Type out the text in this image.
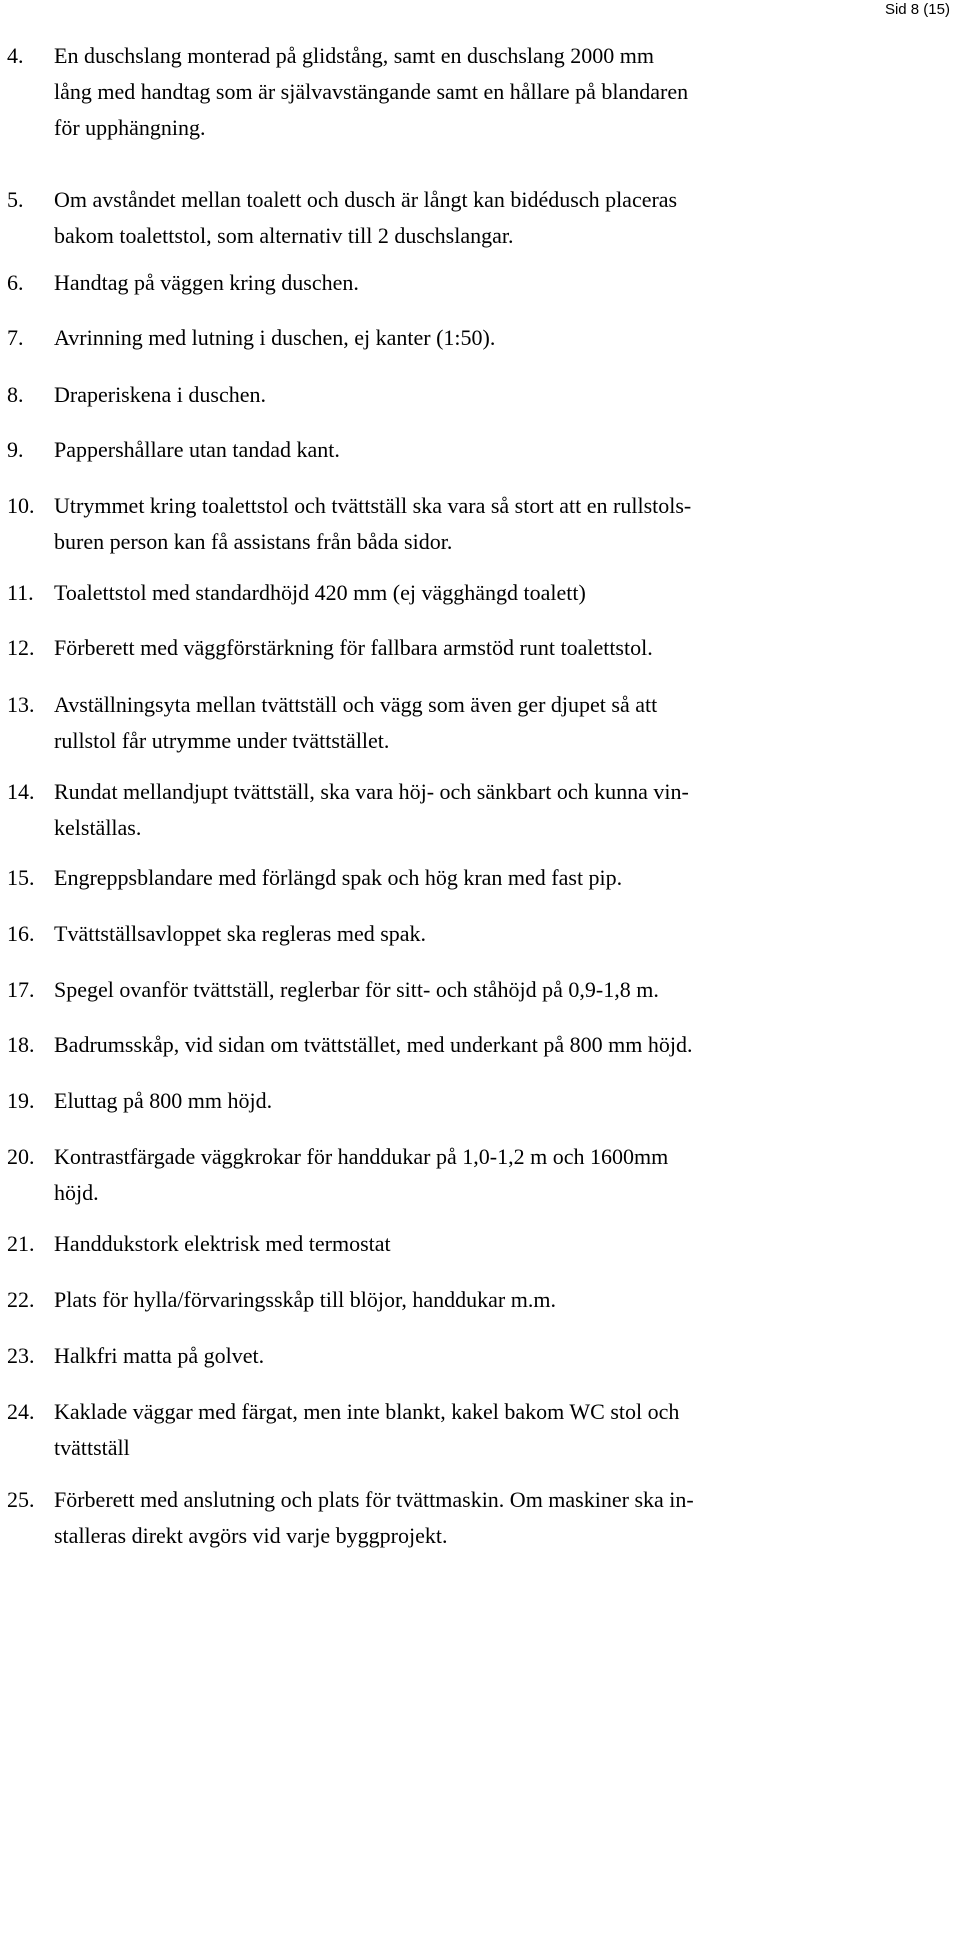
Sid 8 (15)
4. En duschslang monterad på glidstång, samt en duschslang 2000 mm
lång med handtag som är självavstängande samt en hållare på blandaren
för upphängning.
5. Om avståndet mellan toalett och dusch är långt kan bidédusch placeras
bakom toalettstol, som alternativ till 2 duschslangar.
6. Handtag på väggen kring duschen.
7. Avrinning med lutning i duschen, ej kanter (1:50).
8. Draperiskena i duschen.
9. Pappershållare utan tandad kant.
10. Utrymmet kring toalettstol och tvättställ ska vara så stort att en rullstols-
buren person kan få assistans från båda sidor.
11. Toalettstol med standardhöjd 420 mm (ej vägghängd toalett)
12. Förberett med väggförstärkning för fallbara armstöd runt toalettstol.
13. Avställningsyta mellan tvättställ och vägg som även ger djupet så att
rullstol får utrymme under tvättstället.
14. Rundat mellandjupt tvättställ, ska vara höj- och sänkbart och kunna vin-
kelställas.
15. Engreppsblandare med förlängd spak och hög kran med fast pip.
16. Tvättställsavloppet ska regleras med spak.
17. Spegel ovanför tvättställ, reglerbar för sitt- och ståhöjd på 0,9-1,8 m.
18. Badrumsskåp, vid sidan om tvättstället, med underkant på 800 mm höjd.
19. Eluttag på 800 mm höjd.
20. Kontrastfärgade väggkrokar för handdukar på 1,0-1,2 m och 1600mm
höjd.
21. Handdukstork elektrisk med termostat
22. Plats för hylla/förvaringsskåp till blöjor, handdukar m.m.
23. Halkfri matta på golvet.
24. Kaklade väggar med färgat, men inte blankt, kakel bakom WC stol och
tvättställ
25. Förberett med anslutning och plats för tvättmaskin. Om maskiner ska in-
stalleras direkt avgörs vid varje byggprojekt.
